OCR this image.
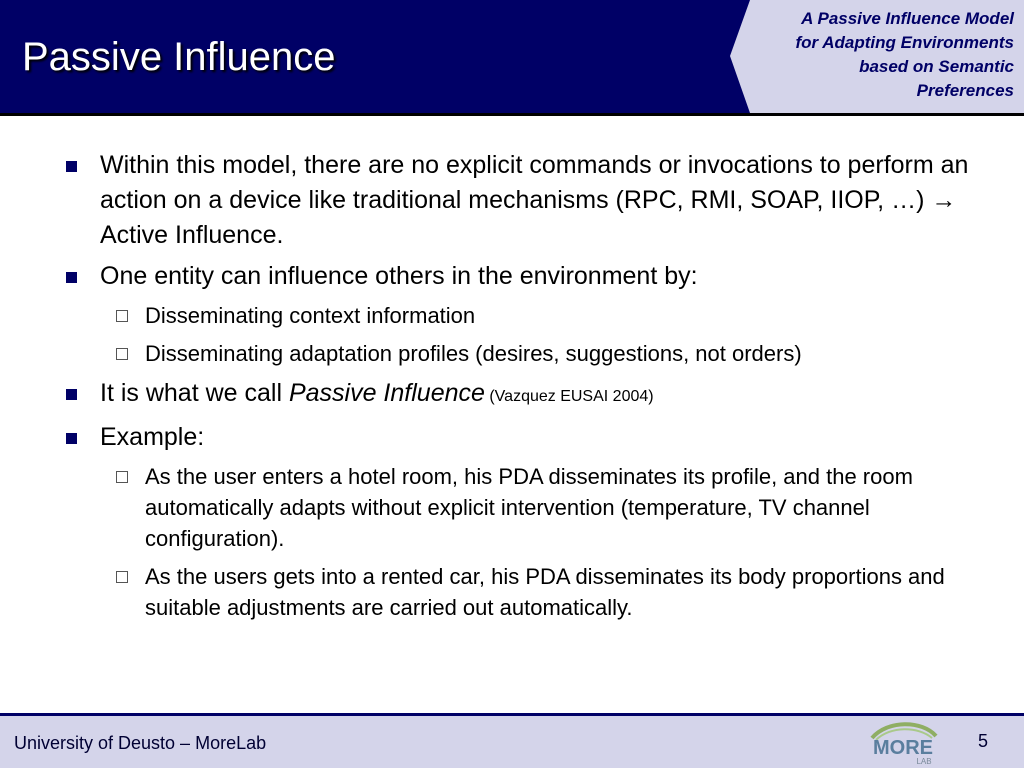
Passive Influence
A Passive Influence Model
for Adapting Environments
based on Semantic
Preferences
Within this model, there are no explicit commands or invocations to perform an action on a device like traditional mechanisms (RPC, RMI, SOAP, IIOP, …) → Active Influence.
One entity can influence others in the environment by:
Disseminating context information
Disseminating adaptation profiles (desires, suggestions, not orders)
It is what we call Passive Influence (Vazquez EUSAI 2004)
Example:
As the user enters a hotel room, his PDA disseminates its profile, and the room automatically adapts without explicit intervention (temperature, TV channel configuration).
As the users gets into a rented car, his PDA disseminates its body proportions and suitable adjustments are carried out automatically.
University of Deusto – MoreLab	MORE
LAB
5
